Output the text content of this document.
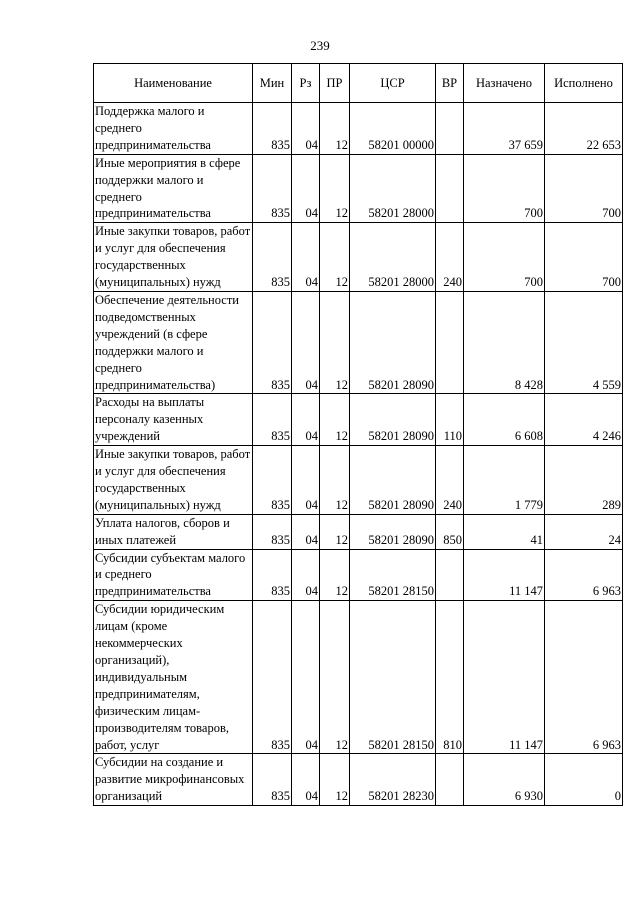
239
Наименование	Мин	Рз	ПР	ЦСР	ВР	Назначено	Исполнено
Поддержка малого и среднего предпринимательства	835	04	12	58201 00000		37 659	22 653
Иные мероприятия в сфере поддержки малого и среднего предпринимательства	835	04	12	58201 28000		700	700
Иные закупки товаров, работ и услуг для обеспечения государственных (муниципальных) нужд	835	04	12	58201 28000	240	700	700
Обеспечение деятельности подведомственных учреждений (в сфере поддержки малого и среднего предпринимательства)	835	04	12	58201 28090		8 428	4 559
Расходы на выплаты персоналу казенных учреждений	835	04	12	58201 28090	110	6 608	4 246
Иные закупки товаров, работ и услуг для обеспечения государственных (муниципальных) нужд	835	04	12	58201 28090	240	1 779	289
Уплата налогов, сборов и иных платежей	835	04	12	58201 28090	850	41	24
Субсидии субъектам малого и среднего предпринимательства	835	04	12	58201 28150		11 147	6 963
Субсидии юридическим лицам (кроме некоммерческих организаций), индивидуальным предпринимателям, физическим лицам-производителям товаров, работ, услуг	835	04	12	58201 28150	810	11 147	6 963
Субсидии на создание и развитие микрофинансовых организаций	835	04	12	58201 28230		6 930	0
